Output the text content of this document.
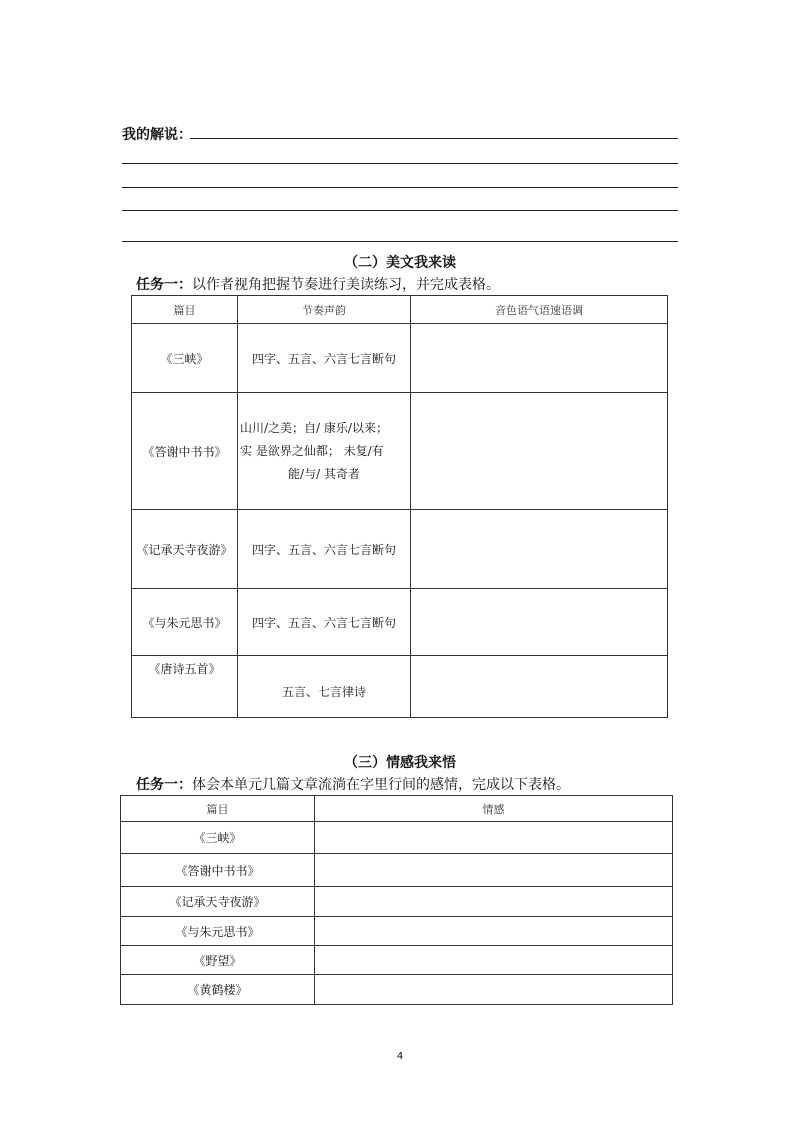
我的解说：
（二）美文我来读
任务一：以作者视角把握节奏进行美读练习，并完成表格。
篇目	节奏声韵	音色语气语速语调
《三峡》	四字、五言、六言七言断句	
《答谢中书书》	山川/之美；自/ 康乐/以来；
实 是欲界之仙都； 未复/有
能/与/ 其奇者	

《记承天寺夜游》	四字、五言、六言七言断句	
《与朱元思书》	四字、五言、六言七言断句	
《唐诗五首》	五言、七言律诗	
（三）情感我来悟
任务一：体会本单元几篇文章流淌在字里行间的感情，完成以下表格。
篇目	情感
《三峡》	
《答谢中书书》	
《记承天寺夜游》	
《与朱元思书》	
《野望》	
《黄鹤楼》	
4
